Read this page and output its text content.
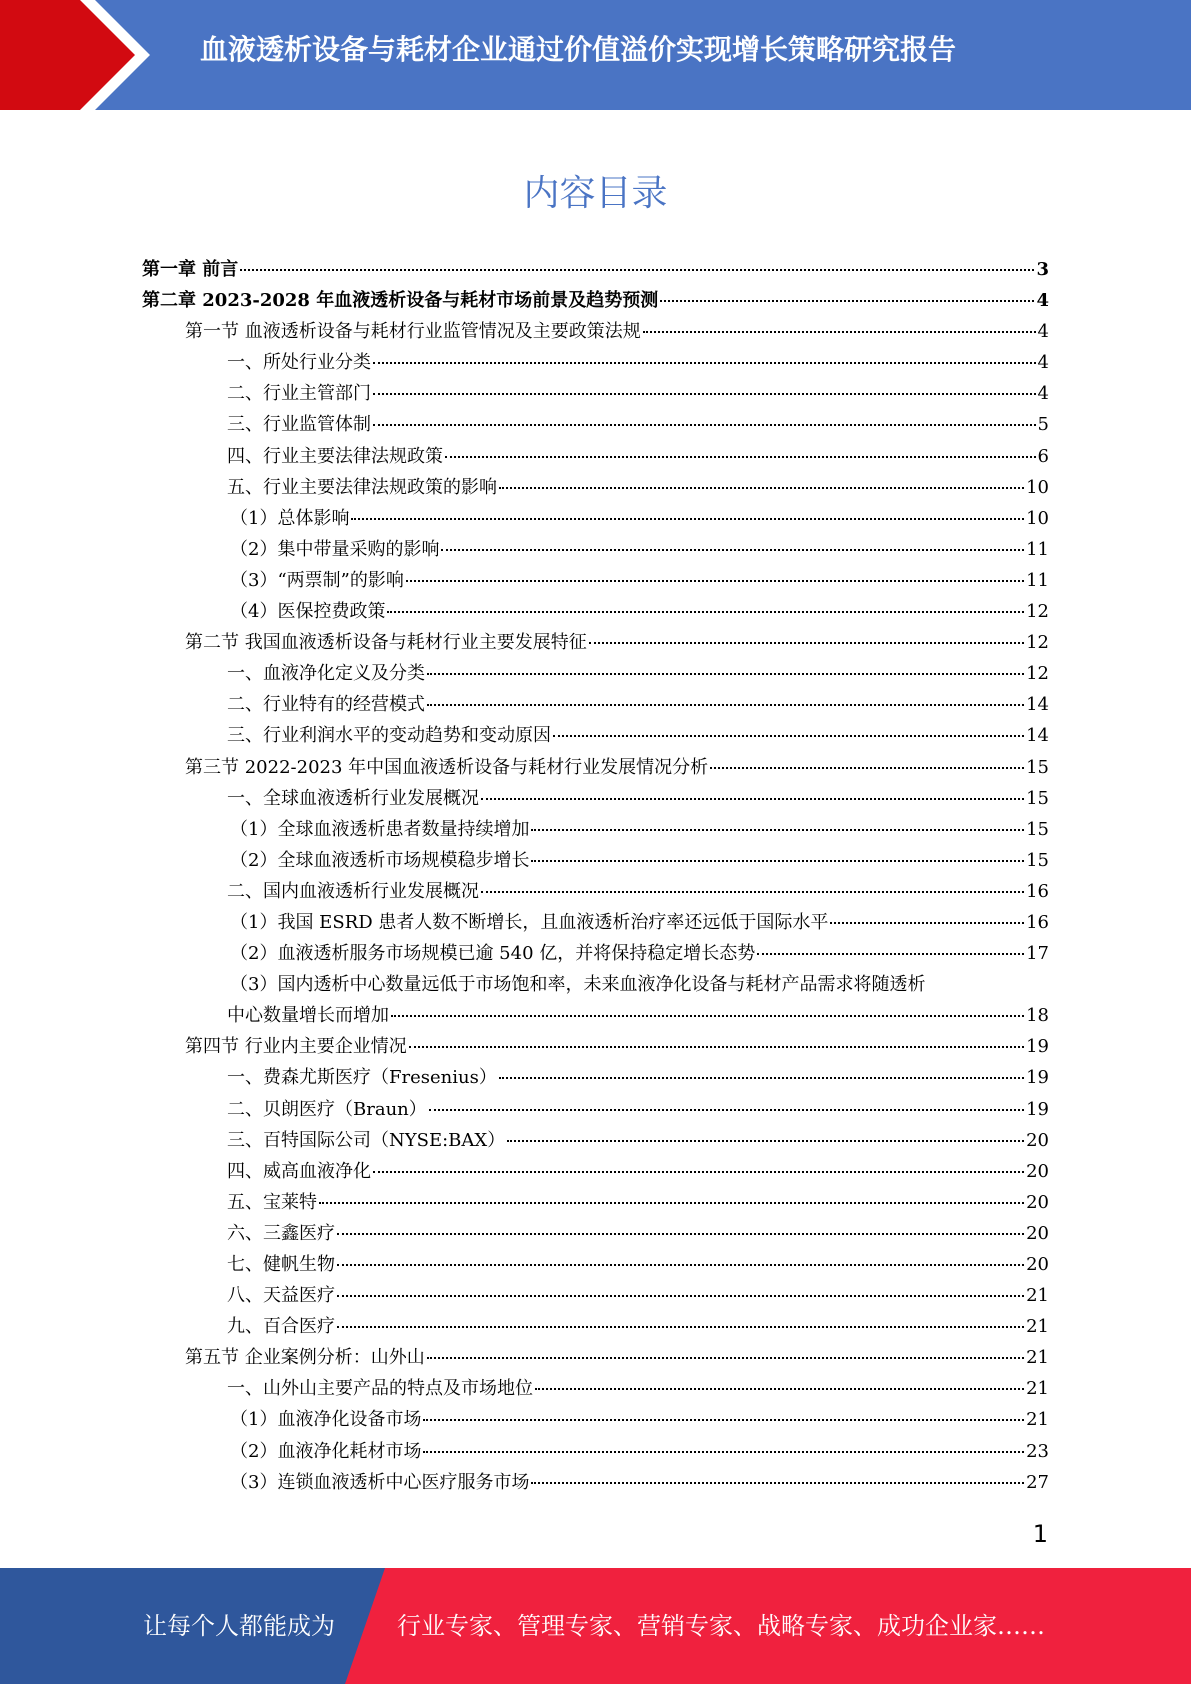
血液透析设备与耗材企业通过价值溢价实现增长策略研究报告
内容目录
第一章 前言	3
第二章 2023-2028 年血液透析设备与耗材市场前景及趋势预测	4
第一节 血液透析设备与耗材行业监管情况及主要政策法规	4
一、所处行业分类	4
二、行业主管部门	4
三、行业监管体制	5
四、行业主要法律法规政策	6
五、行业主要法律法规政策的影响	10
（1）总体影响	10
（2）集中带量采购的影响	11
（3）“两票制”的影响	11
（4）医保控费政策	12
第二节 我国血液透析设备与耗材行业主要发展特征	12
一、血液净化定义及分类	12
二、行业特有的经营模式	14
三、行业利润水平的变动趋势和变动原因	14
第三节 2022-2023 年中国血液透析设备与耗材行业发展情况分析	15
一、全球血液透析行业发展概况	15
（1）全球血液透析患者数量持续增加	15
（2）全球血液透析市场规模稳步增长	15
二、国内血液透析行业发展概况	16
（1）我国 ESRD 患者人数不断增长，且血液透析治疗率还远低于国际水平	16
（2）血液透析服务市场规模已逾 540 亿，并将保持稳定增长态势	17
（3）国内透析中心数量远低于市场饱和率，未来血液净化设备与耗材产品需求将随透析
中心数量增长而增加	18
第四节 行业内主要企业情况	19
一、费森尤斯医疗（Fresenius）	19
二、贝朗医疗（Braun）	19
三、百特国际公司（NYSE:BAX）	20
四、威高血液净化	20
五、宝莱特	20
六、三鑫医疗	20
七、健帆生物	20
八、天益医疗	21
九、百合医疗	21
第五节 企业案例分析：山外山	21
一、山外山主要产品的特点及市场地位	21
（1）血液净化设备市场	21
（2）血液净化耗材市场	23
（3）连锁血液透析中心医疗服务市场	27
1
让每个人都能成为	行业专家、管理专家、营销专家、战略专家、成功企业家……
